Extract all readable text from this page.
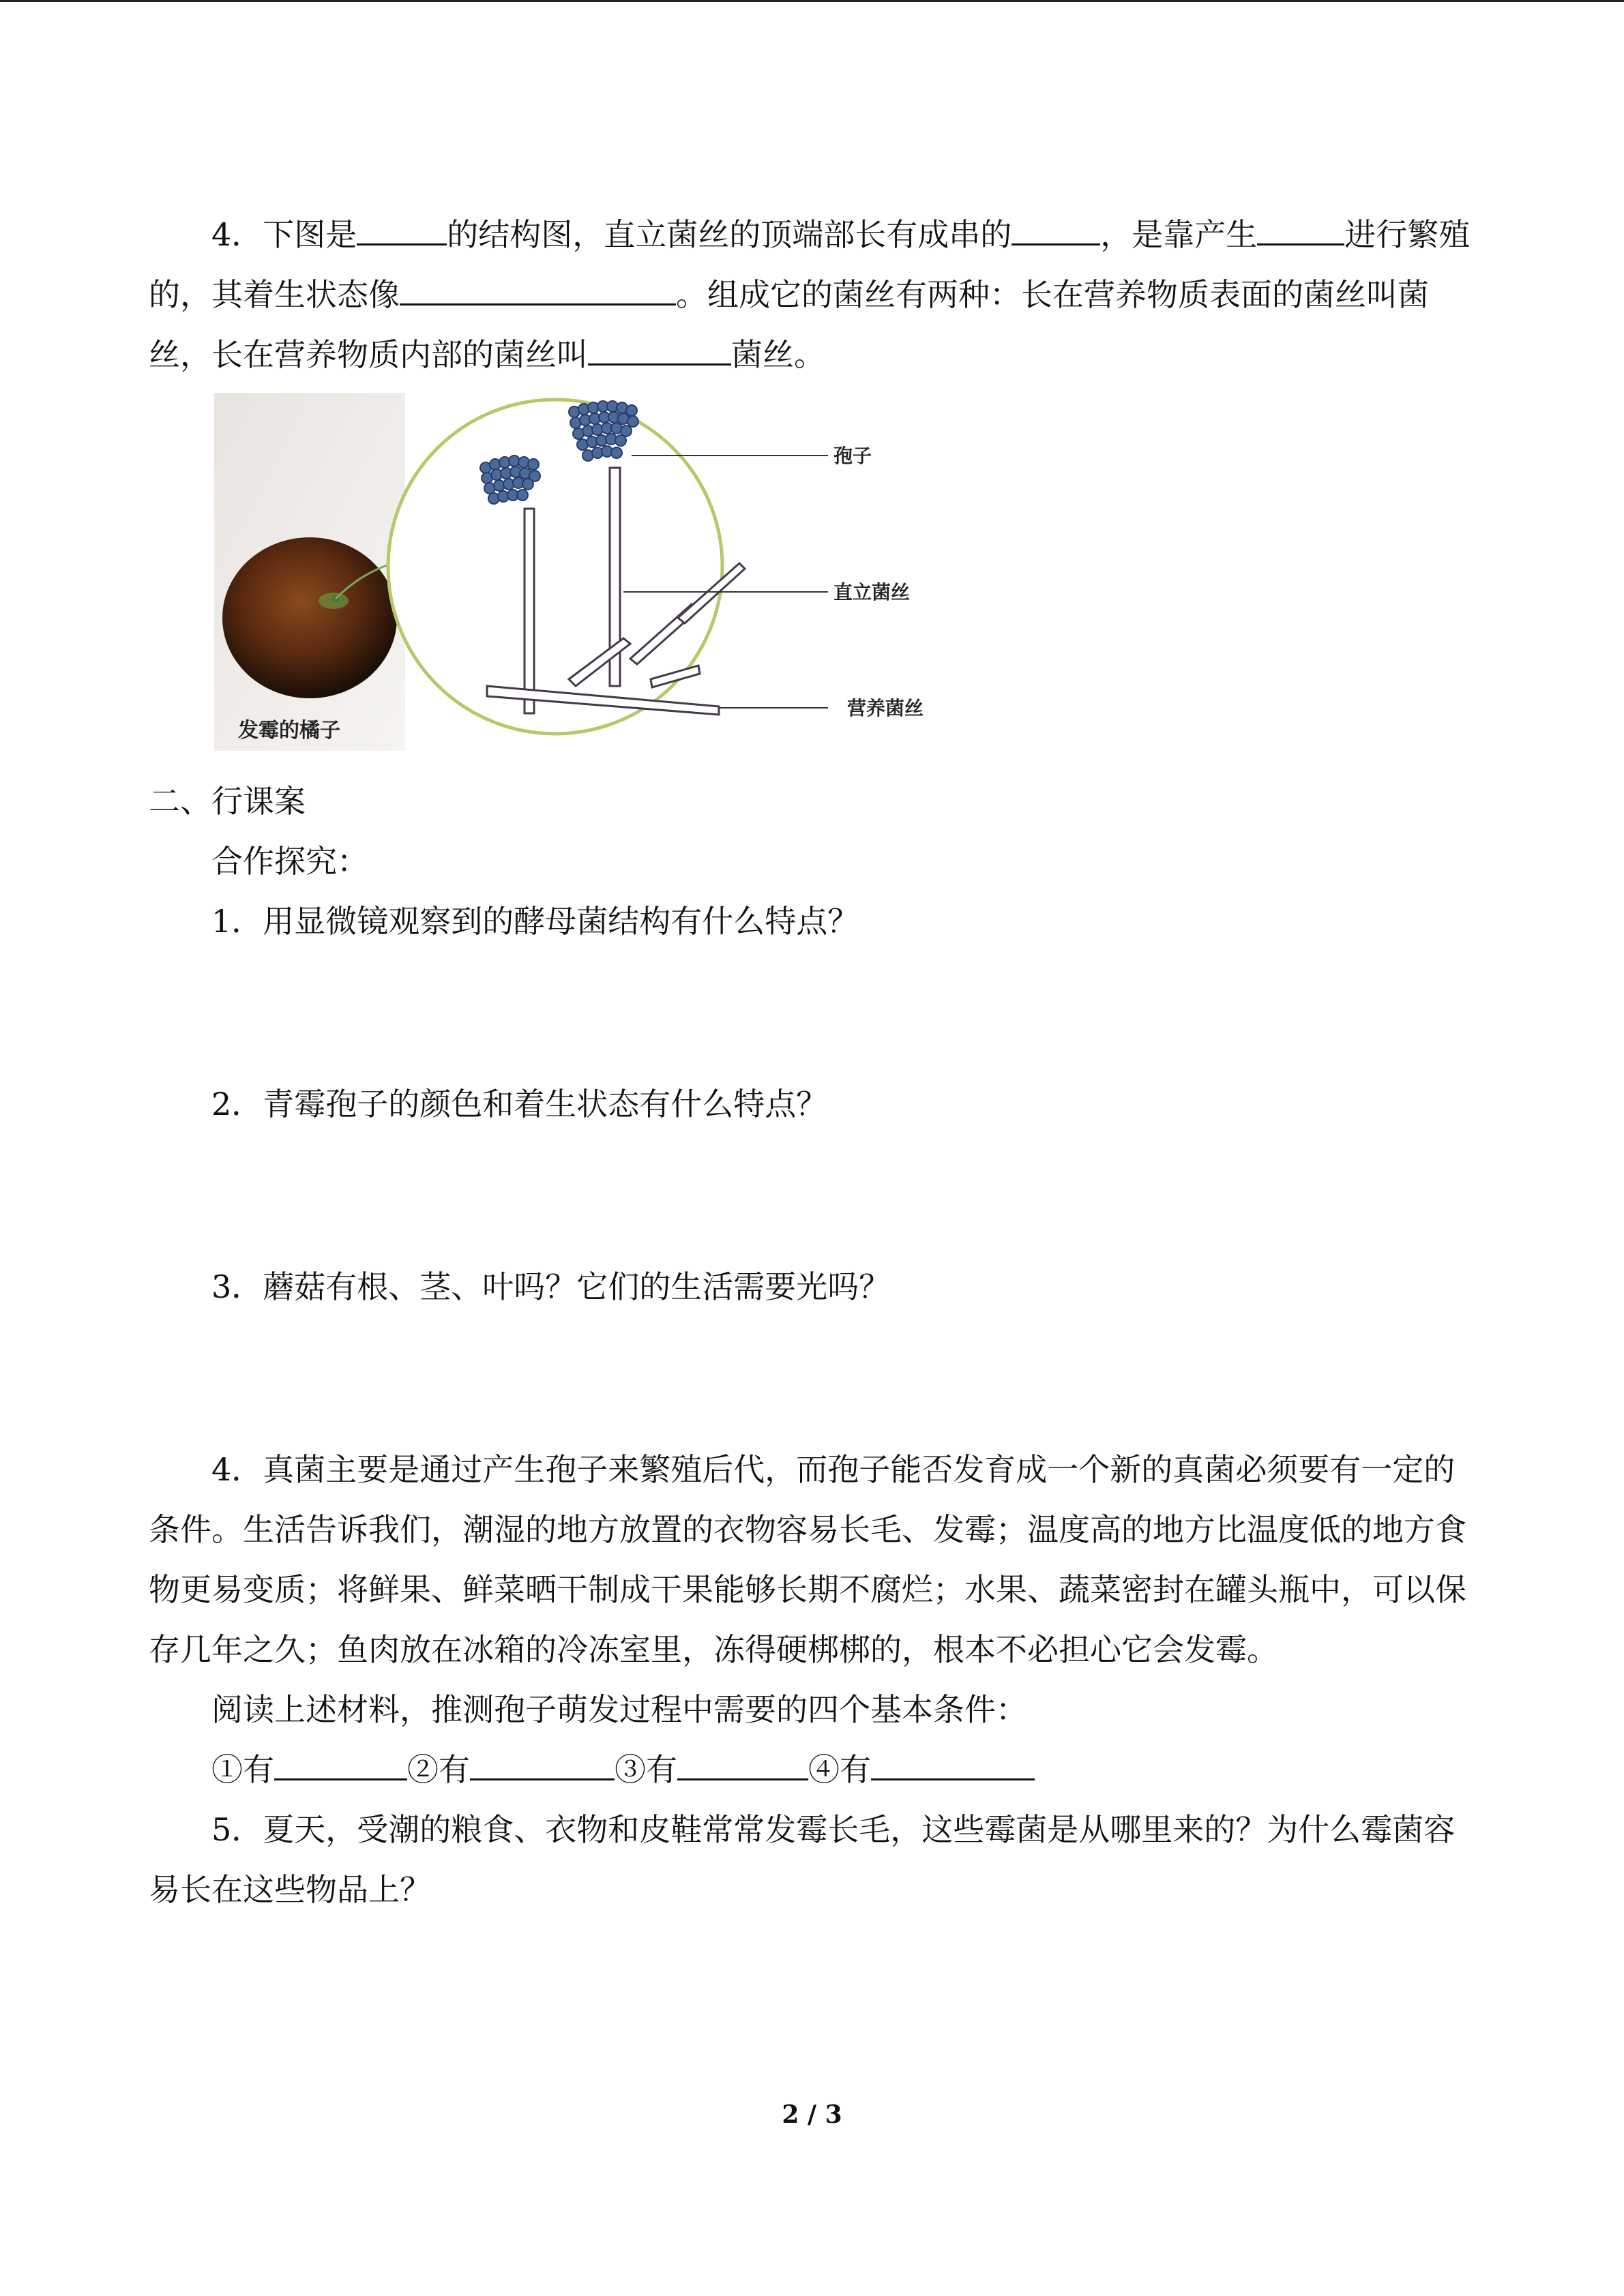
4．下图是	的结构图，直立菌丝的顶端部长有成串的	，是靠产生	进行繁殖的，其着生状态像	。组成它的菌丝有两种：长在营养物质表面的菌丝叫菌丝，长在营养物质内部的菌丝叫	菌丝。

发霉的橘子
孢子
直立菌丝
营养菌丝

二、行课案

合作探究：

1．用显微镜观察到的酵母菌结构有什么特点？

2．青霉孢子的颜色和着生状态有什么特点？

3．蘑菇有根、茎、叶吗？它们的生活需要光吗？

4．真菌主要是通过产生孢子来繁殖后代，而孢子能否发育成一个新的真菌必须要有一定的条件。生活告诉我们，潮湿的地方放置的衣物容易长毛、发霉；温度高的地方比温度低的地方食物更易变质；将鲜果、鲜菜晒干制成干果能够长期不腐烂；水果、蔬菜密封在罐头瓶中，可以保存几年之久；鱼肉放在冰箱的冷冻室里，冻得硬梆梆的，根本不必担心它会发霉。

阅读上述材料，推测孢子萌发过程中需要的四个基本条件：

①有	②有	③有	④有

5．夏天，受潮的粮食、衣物和皮鞋常常发霉长毛，这些霉菌是从哪里来的？为什么霉菌容易长在这些物品上？

2 / 3
